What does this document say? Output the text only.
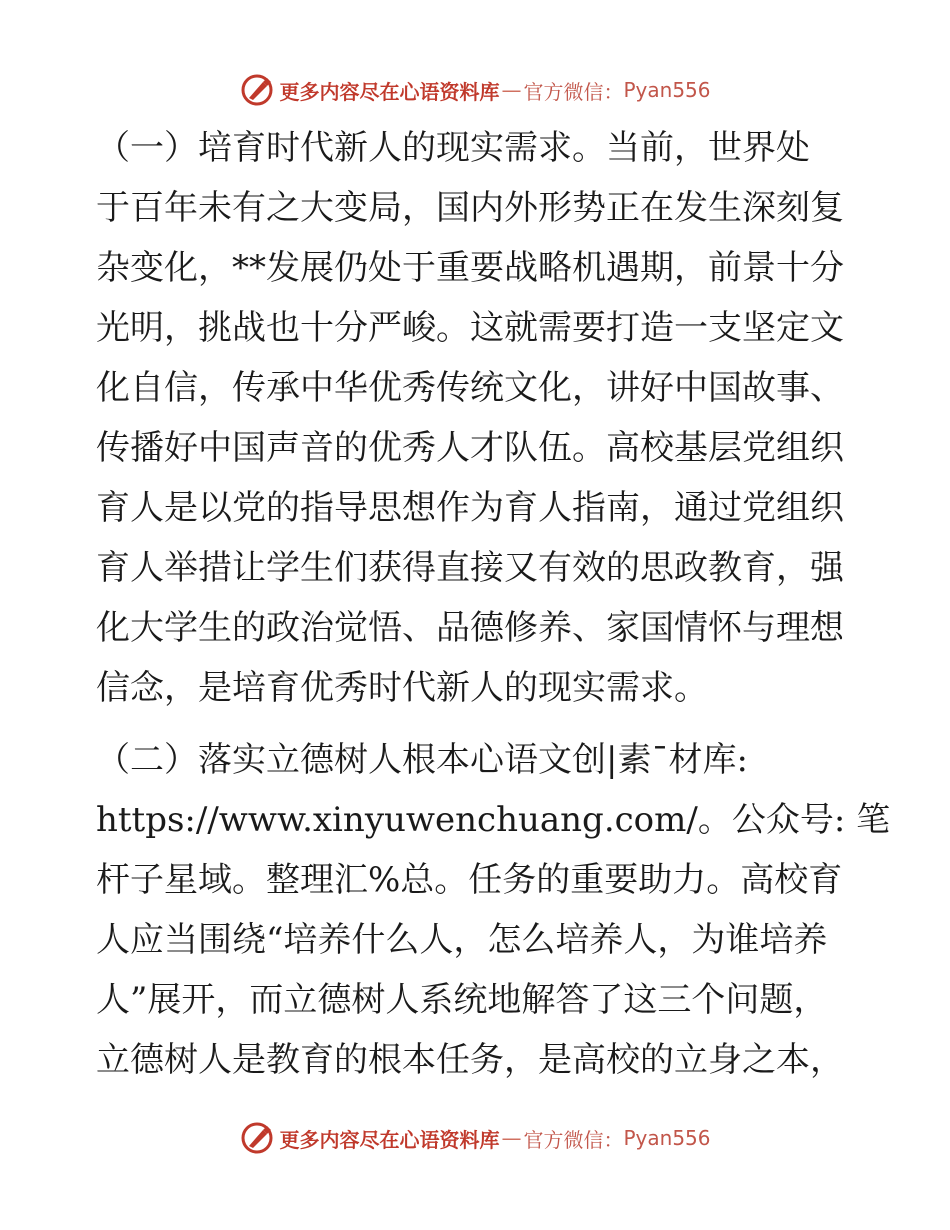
更多内容尽在心语资料库 — 官方微信： Pyan556
（一）培育时代新人的现实需求。当前，世界处
于百年未有之大变局，国内外形势正在发生深刻复
杂变化，**发展仍处于重要战略机遇期，前景十分
光明，挑战也十分严峻。这就需要打造一支坚定文
化自信，传承中华优秀传统文化，讲好中国故事、
传播好中国声音的优秀人才队伍。高校基层党组织
育人是以党的指导思想作为育人指南，通过党组织
育人举措让学生们获得直接又有效的思政教育，强
化大学生的政治觉悟、品德修养、家国情怀与理想
信念，是培育优秀时代新人的现实需求。
（二）落实立德树人根本心语文创|素¯材库:
https://www.xinyuwenchuang.com/。公众号: 笔
杆子星域。整理汇%总。任务的重要助力。高校育
人应当围绕“培养什么人，怎么培养人，为谁培养
人”展开，而立德树人系统地解答了这三个问题，
立德树人是教育的根本任务，是高校的立身之本，
更多内容尽在心语资料库 — 官方微信： Pyan556
